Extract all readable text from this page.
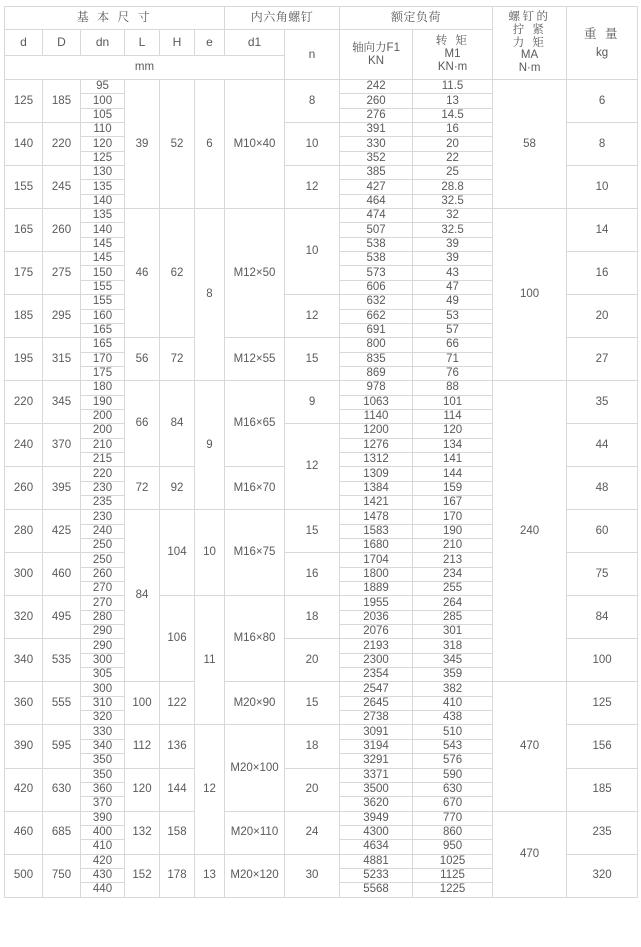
基 本 尺 寸						内六角螺钉		额定负荷		螺钉的
拧 紧
力 矩
MA
N·m	重 量
kg

d	D	dn	L	H	e	d1	n	轴向力F1
KN	转 矩
M1
KN·m		

mm											
125	185	95	39	52	6	M10×40	8	242	11.5	58	6
		100						260	13		
		105						276	14.5		
140	220	110					10	391	16		8
		120						330	20		
		125						352	22		
155	245	130					12	385	25		10
		135						427	28.8		
		140						464	32.5		
165	260	135	46	62	8	M12×50	10	474	32	100	14
		140						507	32.5		
		145						538	39		
175	275	145						538	39		16
		150						573	43		
		155						606	47		
185	295	155					12	632	49		20
		160						662	53		
		165						691	57		
195	315	165	56	72		M12×55	15	800	66		27
		170						835	71		
		175						869	76		
220	345	180	66	84	9	M16×65	9	978	88	240	35
		190						1063	101		
		200						1140	114		
240	370	200					12	1200	120		44
		210						1276	134		
		215						1312	141		
260	395	220	72	92		M16×70		1309	144		48
		230						1384	159		
		235						1421	167		
280	425	230	84	104	10	M16×75	15	1478	170		60
		240						1583	190		
		250						1680	210		
300	460	250					16	1704	213		75
		260						1800	234		
		270						1889	255		
320	495	270		106	11	M16×80	18	1955	264		84
		280						2036	285		
		290						2076	301		
340	535	290					20	2193	318		100
		300						2300	345		
		305						2354	359		
360	555	300	100	122		M20×90	15	2547	382	470	125
		310						2645	410		
		320						2738	438		
390	595	330	112	136	12	M20×100	18	3091	510		156
		340						3194	543		
		350						3291	576		
420	630	350	120	144			20	3371	590		185
		360						3500	630		
		370						3620	670		
460	685	390	132	158		M20×110	24	3949	770	470	235
		400						4300	860		
		410						4634	950		
500	750	420	152	178	13	M20×120	30	4881	1025		320
		430						5233	1125		
		440						5568	1225		
